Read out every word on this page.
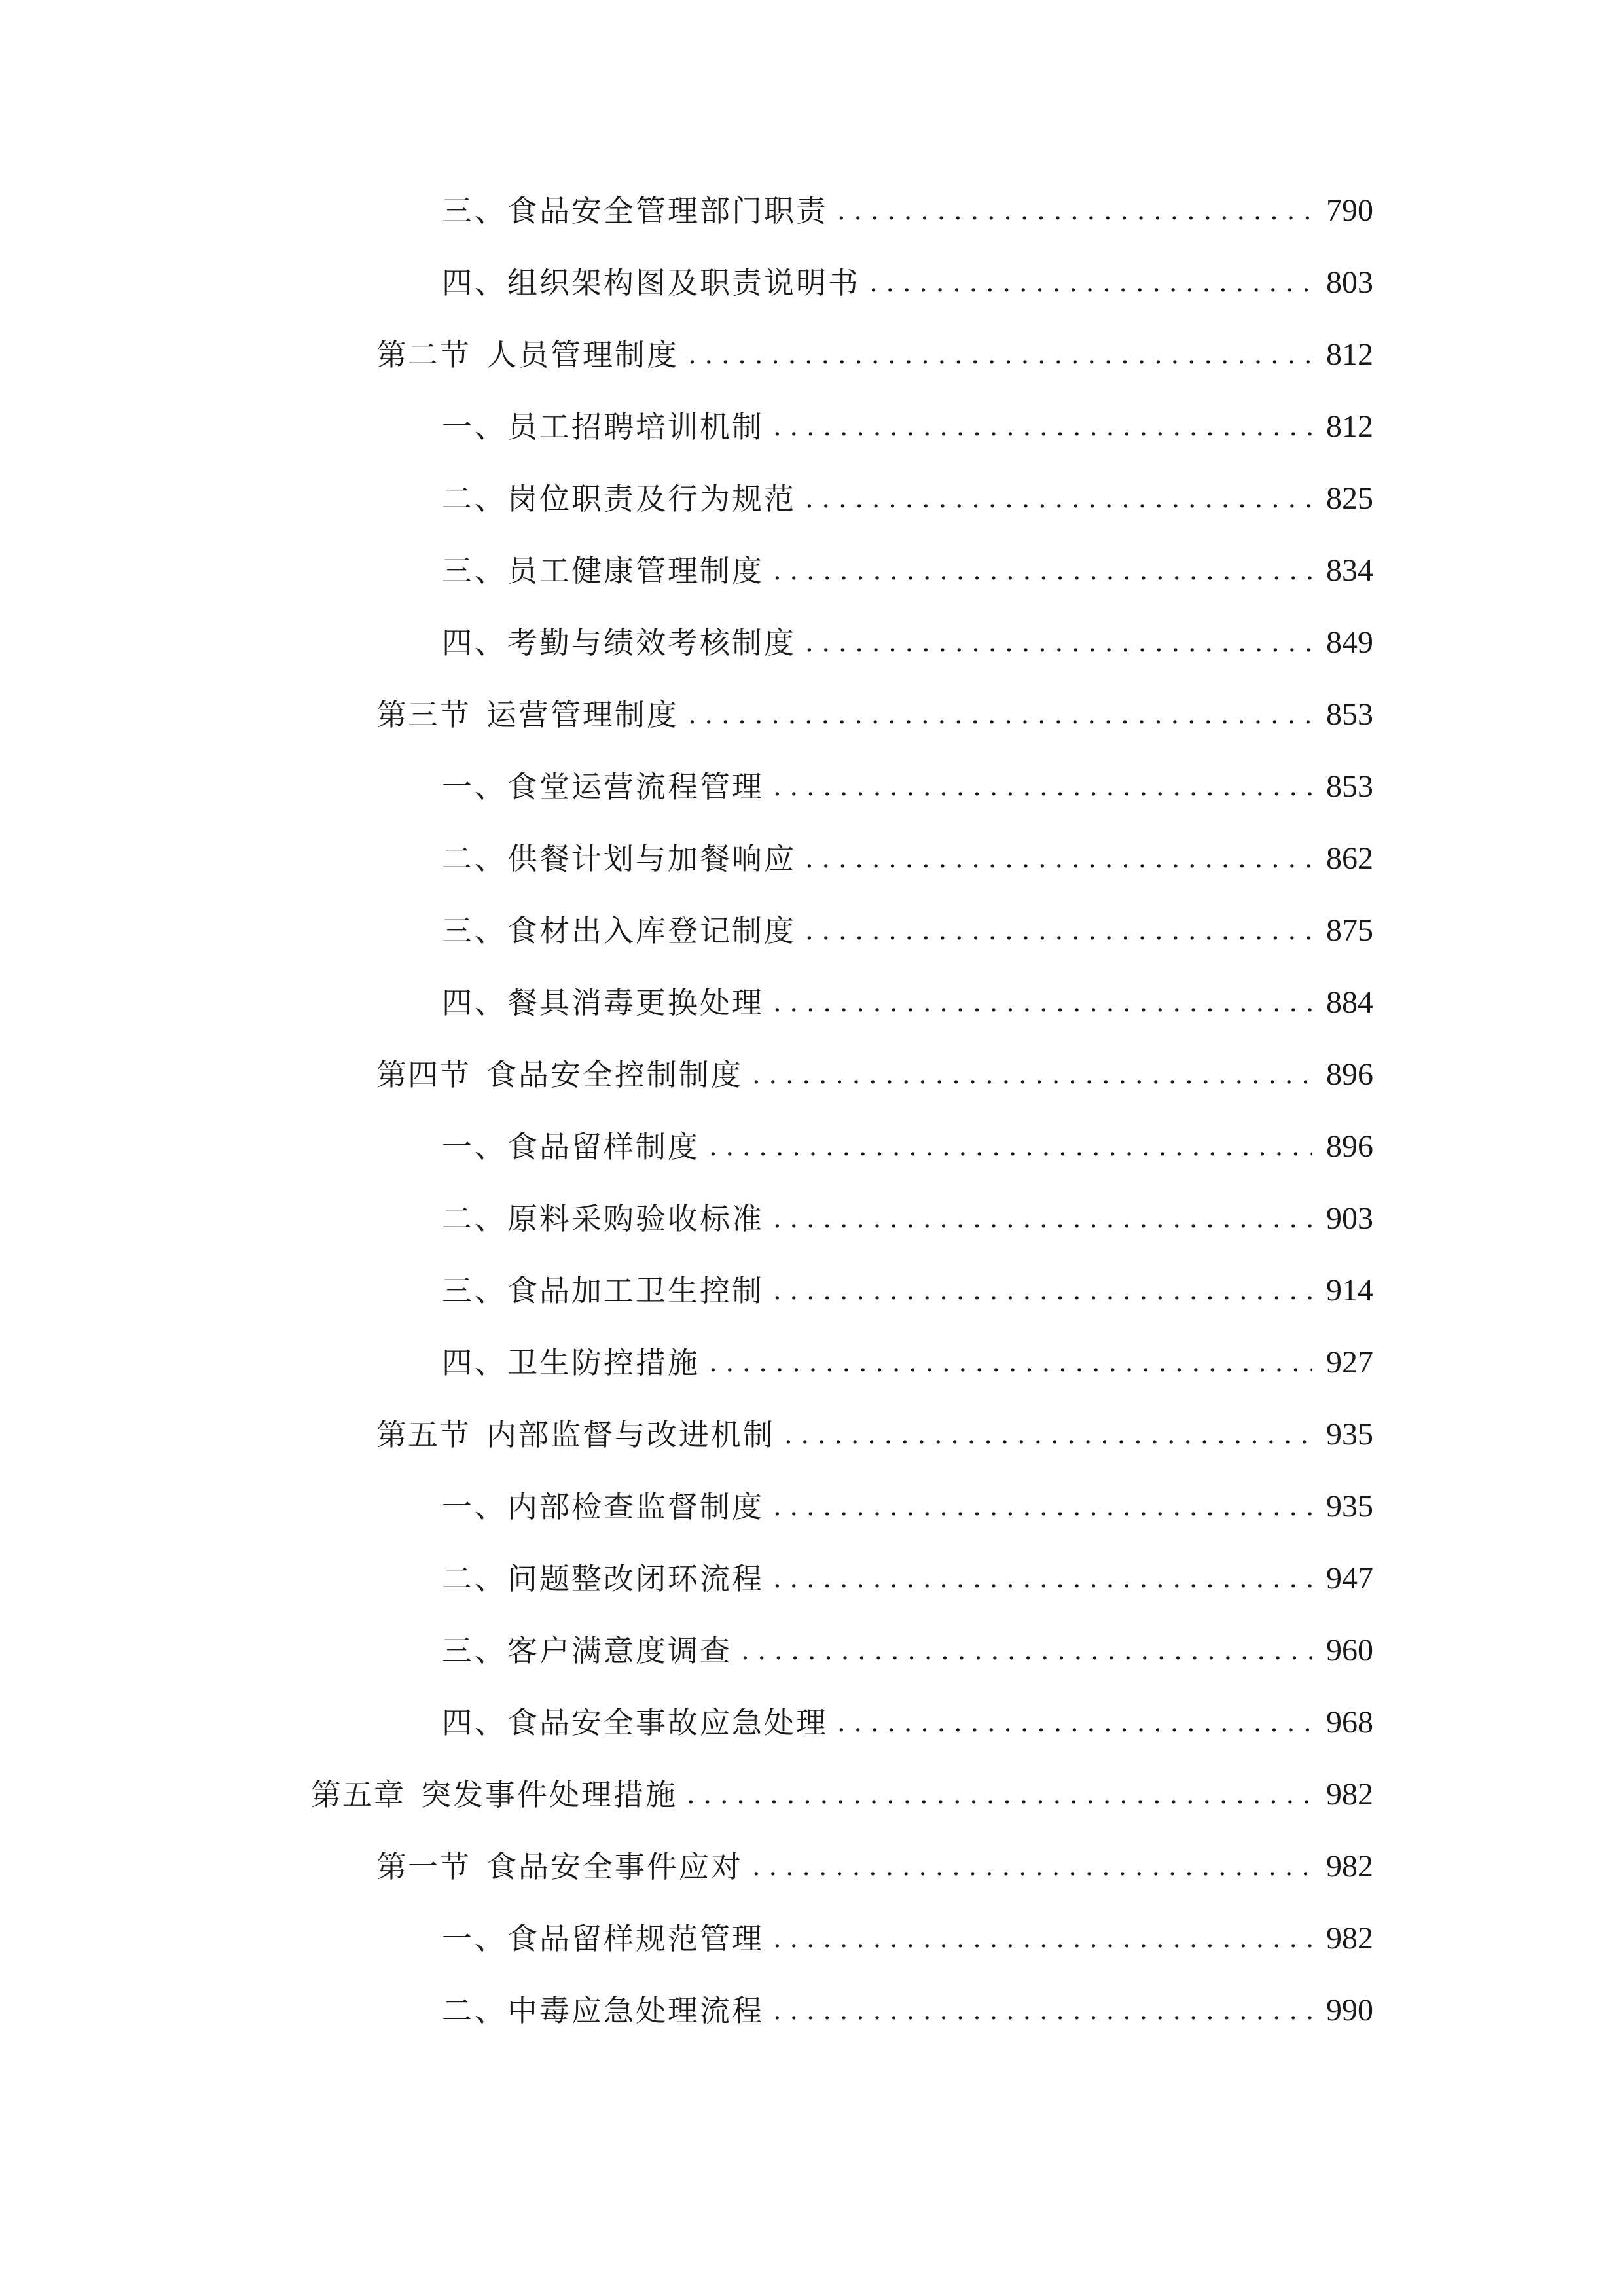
三、 食品安全管理部门职责 . . .	790
四、 组织架构图及职责说明书 . . .	803
第二节 人员管理制度 . . .	812
一、 员工招聘培训机制 . . .	812
二、 岗位职责及行为规范 . . .	825
三、 员工健康管理制度 . . .	834
四、 考勤与绩效考核制度 . . .	849
第三节 运营管理制度 . . .	853
一、 食堂运营流程管理 . . .	853
二、 供餐计划与加餐响应 . . .	862
三、 食材出入库登记制度 . . .	875
四、 餐具消毒更换处理 . . .	884
第四节 食品安全控制制度 . . .	896
一、 食品留样制度 . . .	896
二、 原料采购验收标准 . . .	903
三、 食品加工卫生控制 . . .	914
四、 卫生防控措施 . . .	927
第五节 内部监督与改进机制 . . .	935
一、 内部检查监督制度 . . .	935
二、 问题整改闭环流程 . . .	947
三、 客户满意度调查 . . .	960
四、 食品安全事故应急处理 . . .	968
第五章 突发事件处理措施 . . .	982
第一节 食品安全事件应对 . . .	982
一、 食品留样规范管理 . . .	982
二、 中毒应急处理流程 . . .	990
